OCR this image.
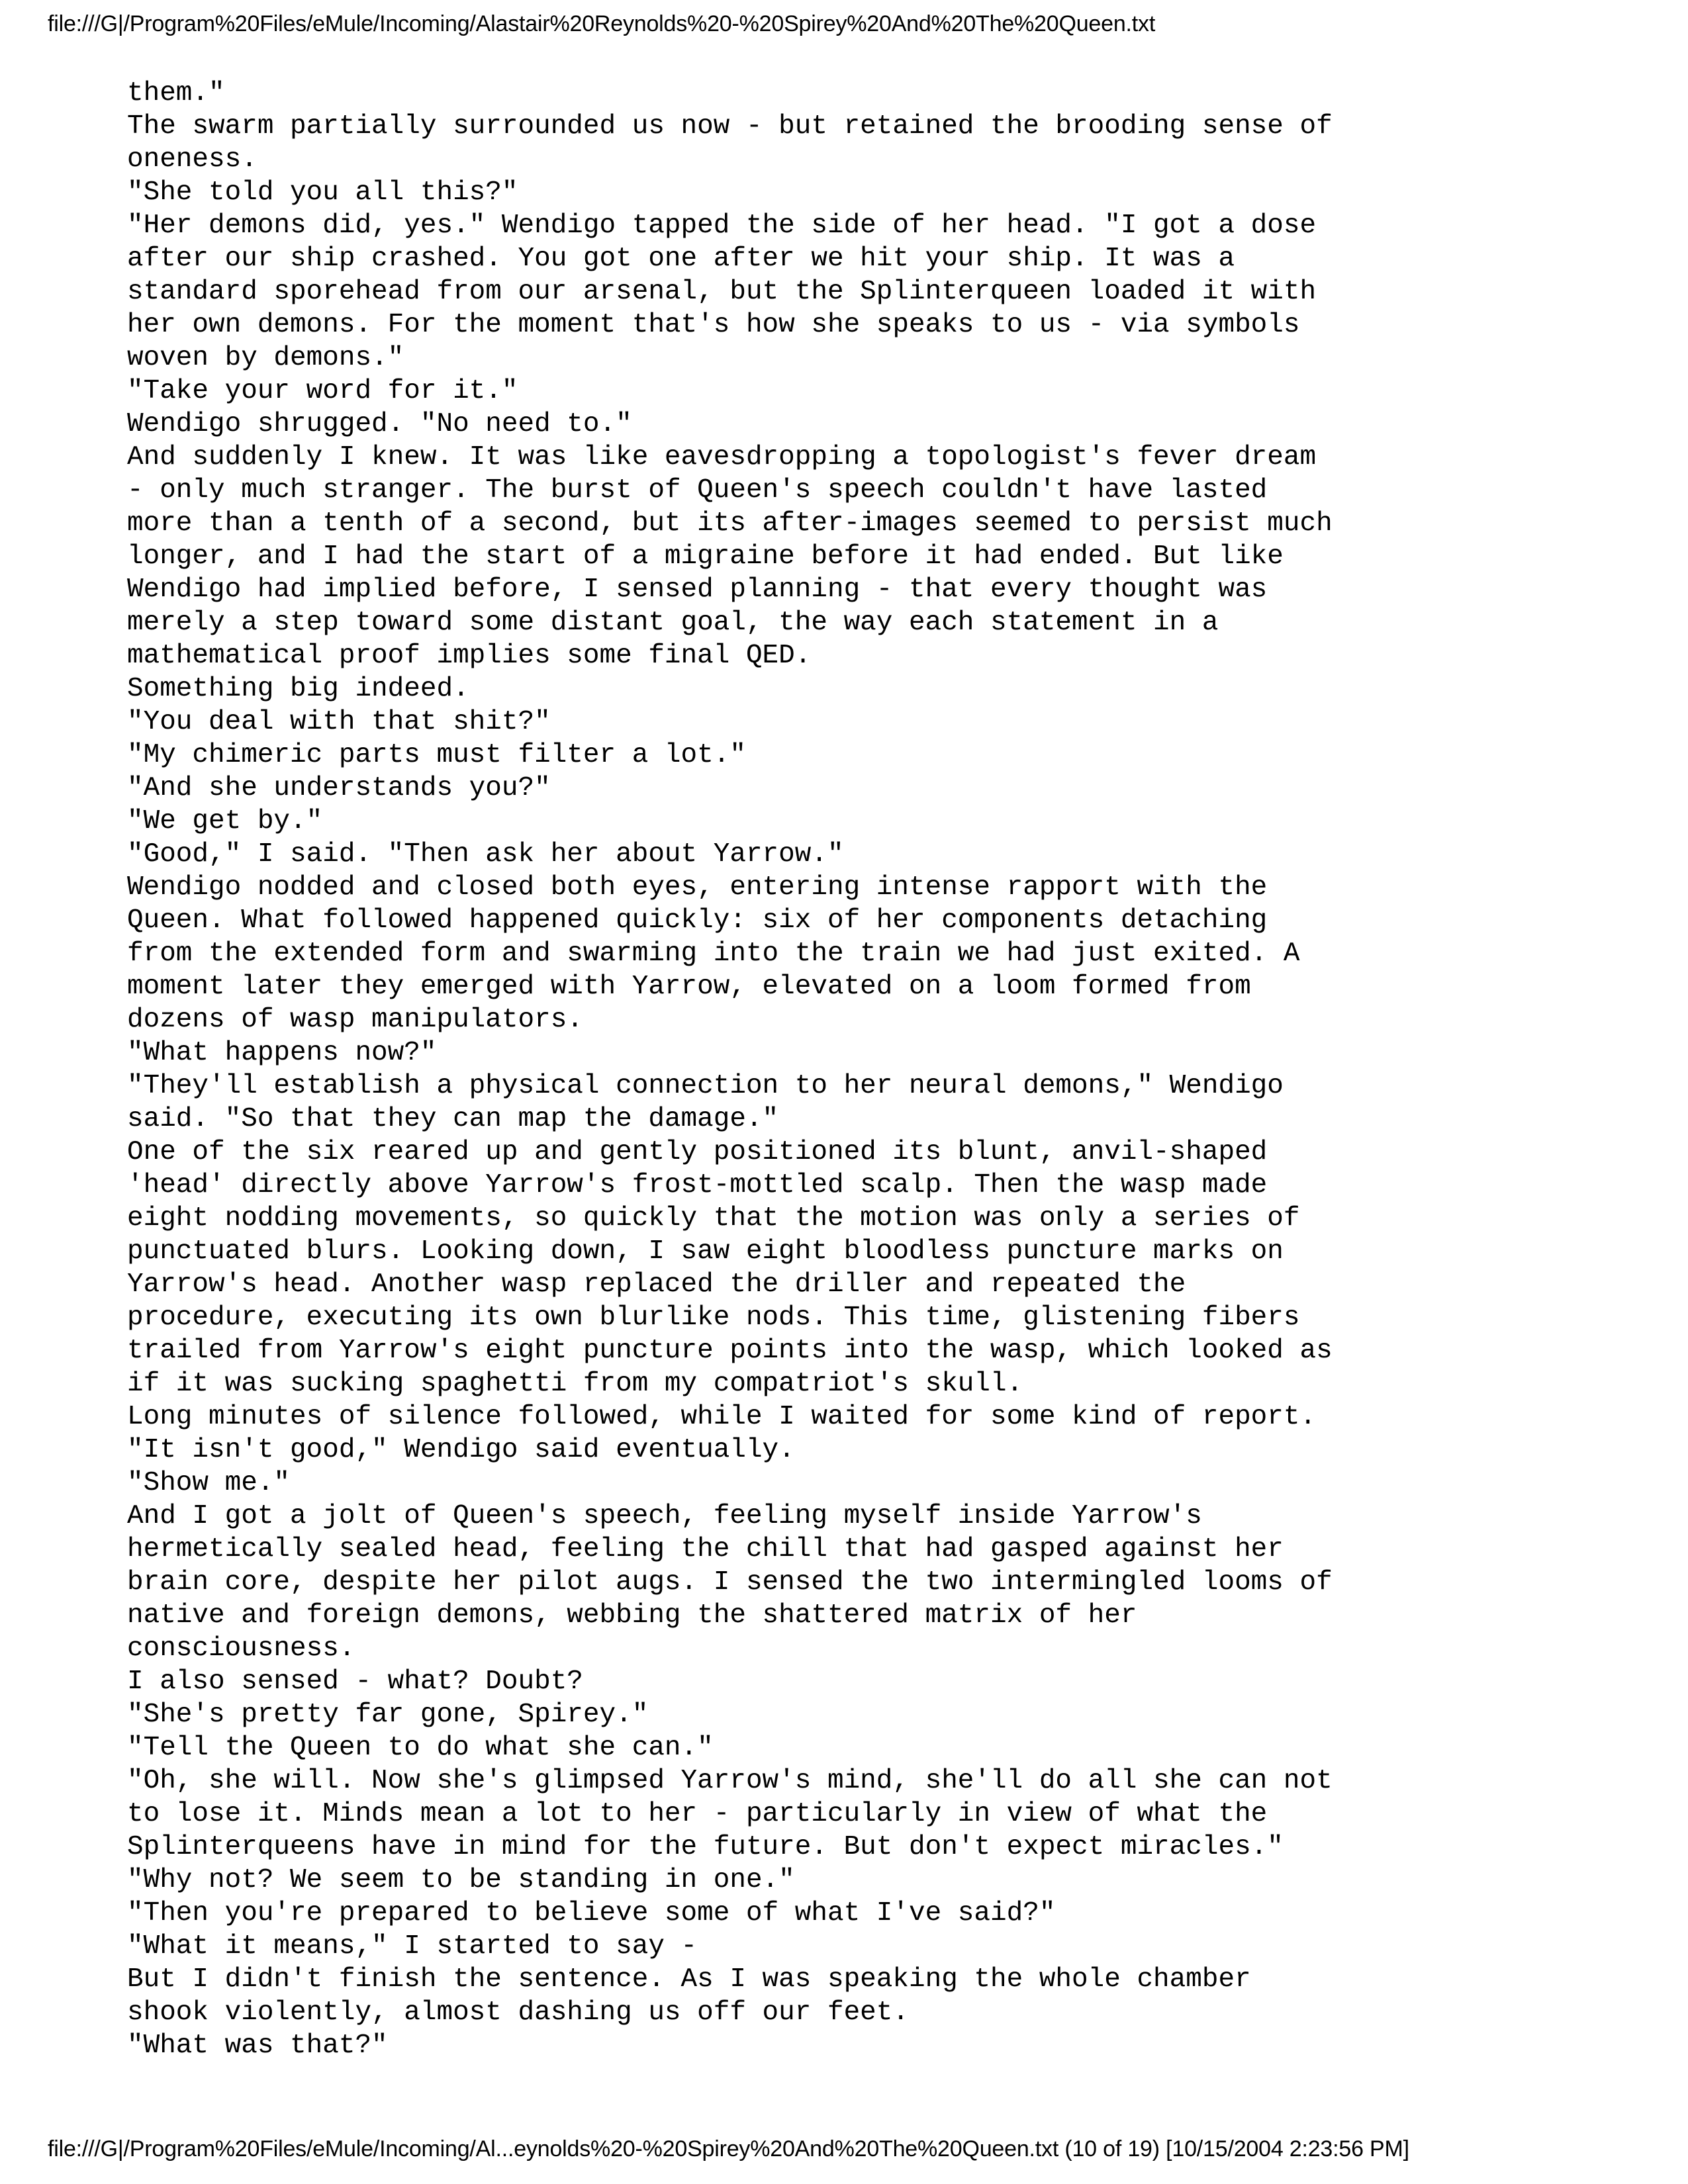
file:///G|/Program%20Files/eMule/Incoming/Alastair%20Reynolds%20-%20Spirey%20And%20The%20Queen.txt
them."
The swarm partially surrounded us now - but retained the brooding sense of
oneness.
"She told you all this?"
"Her demons did, yes." Wendigo tapped the side of her head. "I got a dose
after our ship crashed. You got one after we hit your ship. It was a
standard sporehead from our arsenal, but the Splinterqueen loaded it with
her own demons. For the moment that's how she speaks to us - via symbols
woven by demons."
"Take your word for it."
Wendigo shrugged. "No need to."
And suddenly I knew. It was like eavesdropping a topologist's fever dream
- only much stranger. The burst of Queen's speech couldn't have lasted
more than a tenth of a second, but its after-images seemed to persist much
longer, and I had the start of a migraine before it had ended. But like
Wendigo had implied before, I sensed planning - that every thought was
merely a step toward some distant goal, the way each statement in a
mathematical proof implies some final QED.
Something big indeed.
"You deal with that shit?"
"My chimeric parts must filter a lot."
"And she understands you?"
"We get by."
"Good," I said. "Then ask her about Yarrow."
Wendigo nodded and closed both eyes, entering intense rapport with the
Queen. What followed happened quickly: six of her components detaching
from the extended form and swarming into the train we had just exited. A
moment later they emerged with Yarrow, elevated on a loom formed from
dozens of wasp manipulators.
"What happens now?"
"They'll establish a physical connection to her neural demons," Wendigo
said. "So that they can map the damage."
One of the six reared up and gently positioned its blunt, anvil-shaped
'head' directly above Yarrow's frost-mottled scalp. Then the wasp made
eight nodding movements, so quickly that the motion was only a series of
punctuated blurs. Looking down, I saw eight bloodless puncture marks on
Yarrow's head. Another wasp replaced the driller and repeated the
procedure, executing its own blurlike nods. This time, glistening fibers
trailed from Yarrow's eight puncture points into the wasp, which looked as
if it was sucking spaghetti from my compatriot's skull.
Long minutes of silence followed, while I waited for some kind of report.
"It isn't good," Wendigo said eventually.
"Show me."
And I got a jolt of Queen's speech, feeling myself inside Yarrow's
hermetically sealed head, feeling the chill that had gasped against her
brain core, despite her pilot augs. I sensed the two intermingled looms of
native and foreign demons, webbing the shattered matrix of her
consciousness.
I also sensed - what? Doubt?
"She's pretty far gone, Spirey."
"Tell the Queen to do what she can."
"Oh, she will. Now she's glimpsed Yarrow's mind, she'll do all she can not
to lose it. Minds mean a lot to her - particularly in view of what the
Splinterqueens have in mind for the future. But don't expect miracles."
"Why not? We seem to be standing in one."
"Then you're prepared to believe some of what I've said?"
"What it means," I started to say -
But I didn't finish the sentence. As I was speaking the whole chamber
shook violently, almost dashing us off our feet.
"What was that?"
file:///G|/Program%20Files/eMule/Incoming/Al...eynolds%20-%20Spirey%20And%20The%20Queen.txt (10 of 19) [10/15/2004 2:23:56 PM]
